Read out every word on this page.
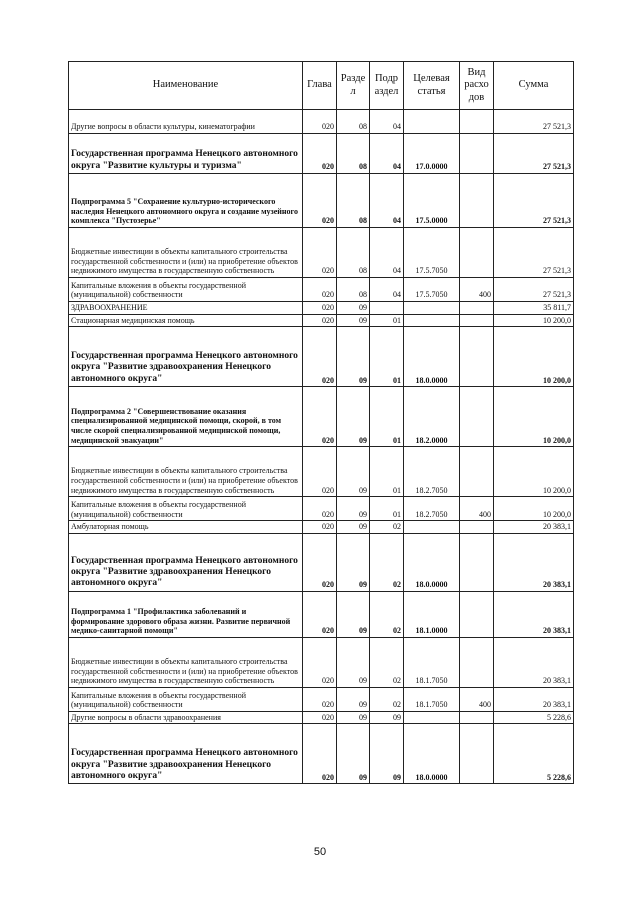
Наименование	Глава	Разде л	Подр аздел	Целевая статья	Вид расхо дов	Сумма
Другие вопросы в области культуры, кинематографии	020	08	04			27 521,3
Государственная программа Ненецкого автономного округа "Развитие культуры и туризма"	020	08	04	17.0.0000		27 521,3
Подпрограмма 5 "Сохранение культурно-исторического наследия Ненецкого автономного округа и создание музейного комплекса "Пустозерье"	020	08	04	17.5.0000		27 521,3
Бюджетные инвестиции в объекты капитального строительства государственной собственности и (или) на приобретение объектов недвижимого имущества в государственную собственность	020	08	04	17.5.7050		27 521,3
Капитальные вложения в объекты государственной (муниципальной) собственности	020	08	04	17.5.7050	400	27 521,3
ЗДРАВООХРАНЕНИЕ	020	09				35 811,7
Стационарная медицинская помощь	020	09	01			10 200,0
Государственная программа Ненецкого автономного округа "Развитие здравоохранения Ненецкого автономного округа"	020	09	01	18.0.0000		10 200,0
Подпрограмма 2 "Совершенствование оказания специализированной медицинской помощи, скорой, в том числе скорой специализированной медицинской помощи, медицинской эвакуации"	020	09	01	18.2.0000		10 200,0
Бюджетные инвестиции в объекты капитального строительства государственной собственности и (или) на приобретение объектов недвижимого имущества в государственную собственность	020	09	01	18.2.7050		10 200,0
Капитальные вложения в объекты государственной (муниципальной) собственности	020	09	01	18.2.7050	400	10 200,0
Амбулаторная помощь	020	09	02			20 383,1
Государственная программа Ненецкого автономного округа "Развитие здравоохранения Ненецкого автономного округа"	020	09	02	18.0.0000		20 383,1
Подпрограмма 1 "Профилактика заболеваний и формирование здорового образа жизни. Развитие первичной медико-санитарной помощи"	020	09	02	18.1.0000		20 383,1
Бюджетные инвестиции в объекты капитального строительства государственной собственности и (или) на приобретение объектов недвижимого имущества в государственную собственность	020	09	02	18.1.7050		20 383,1
Капитальные вложения в объекты государственной (муниципальной) собственности	020	09	02	18.1.7050	400	20 383,1
Другие вопросы в области здравоохранения	020	09	09			5 228,6
Государственная программа Ненецкого автономного округа "Развитие здравоохранения Ненецкого автономного округа"	020	09	09	18.0.0000		5 228,6
50
